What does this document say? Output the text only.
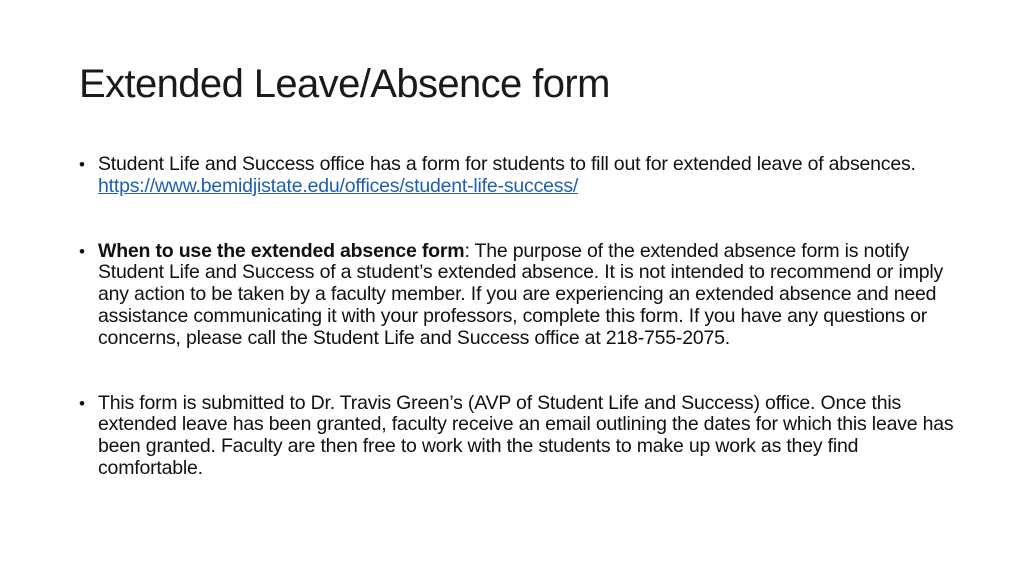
Extended Leave/Absence form
• Student Life and Success office has a form for students to fill out for extended leave of absences. https://www.bemidjistate.edu/offices/student-life-success/
• When to use the extended absence form: The purpose of the extended absence form is notify Student Life and Success of a student’s extended absence. It is not intended to recommend or imply any action to be taken by a faculty member. If you are experiencing an extended absence and need assistance communicating it with your professors, complete this form. If you have any questions or concerns, please call the Student Life and Success office at 218-755-2075.
• This form is submitted to Dr. Travis Green’s (AVP of Student Life and Success) office. Once this extended leave has been granted, faculty receive an email outlining the dates for which this leave has been granted. Faculty are then free to work with the students to make up work as they find comfortable.
